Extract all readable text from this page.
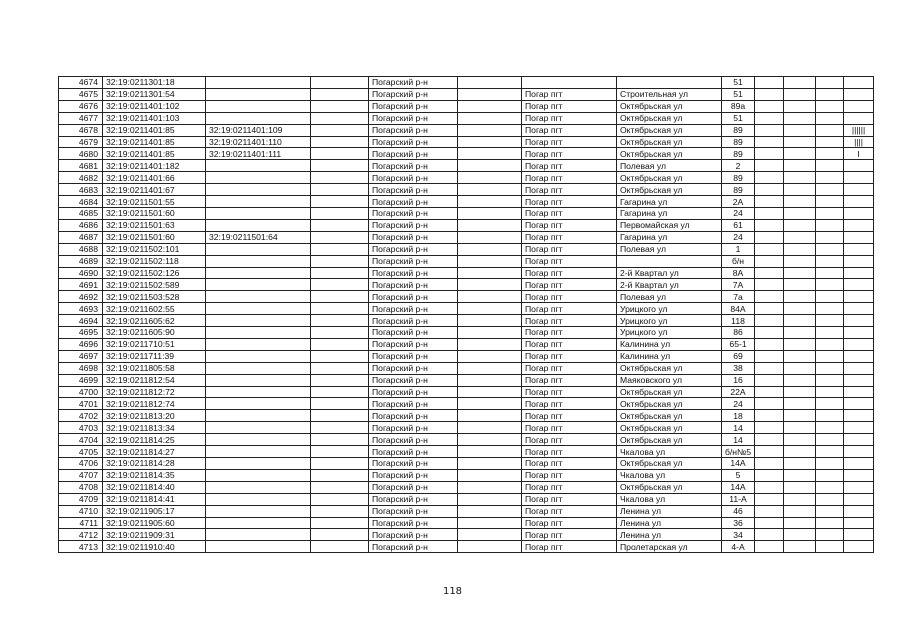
4674	32:19:0211301:18			Погарский р-н				51				
4675	32:19:0211301:54			Погарский р-н		Погар пгт	Строительная ул	51				
4676	32:19:0211401:102			Погарский р-н		Погар пгт	Октябрьская ул	89а				
4677	32:19:0211401:103			Погарский р-н		Погар пгт	Октябрьская ул	51				
4678	32:19:0211401:85	32:19:0211401:109		Погарский р-н		Погар пгт	Октябрьская ул	89				||||||
4679	32:19:0211401:85	32:19:0211401:110		Погарский р-н		Погар пгт	Октябрьская ул	89				||||
4680	32:19:0211401:85	32:19:0211401:111		Погарский р-н		Погар пгт	Октябрьская ул	89				I
4681	32:19:0211401:182			Погарский р-н		Погар пгт	Полевая ул	2				
4682	32:19:0211401:66			Погарский р-н		Погар пгт	Октябрьская ул	89				
4683	32:19:0211401:67			Погарский р-н		Погар пгт	Октябрьская ул	89				
4684	32:19:0211501:55			Погарский р-н		Погар пгт	Гагарина ул	2А				
4685	32:19:0211501:60			Погарский р-н		Погар пгт	Гагарина ул	24				
4686	32:19:0211501:63			Погарский р-н		Погар пгт	Первомайская ул	61				
4687	32:19:0211501:60	32:19:0211501:64		Погарский р-н		Погар пгт	Гагарина ул	24				
4688	32:19:0211502:101			Погарский р-н		Погар пгт	Полевая ул	1				
4689	32:19:0211502:118			Погарский р-н		Погар пгт		б/н				
4690	32:19:0211502:126			Погарский р-н		Погар пгт	2-й Квартал ул	8А				
4691	32:19:0211502:589			Погарский р-н		Погар пгт	2-й Квартал ул	7А				
4692	32:19:0211503:528			Погарский р-н		Погар пгт	Полевая ул	7а				
4693	32:19:0211602:55			Погарский р-н		Погар пгт	Урицкого ул	84А				
4694	32:19:0211605:62			Погарский р-н		Погар пгт	Урицкого ул	118				
4695	32:19:0211605:90			Погарский р-н		Погар пгт	Урицкого ул	86				
4696	32:19:0211710:51			Погарский р-н		Погар пгт	Калинина ул	65-1				
4697	32:19:0211711:39			Погарский р-н		Погар пгт	Калинина ул	69				
4698	32:19:0211805:58			Погарский р-н		Погар пгт	Октябрьская ул	38				
4699	32:19:0211812:54			Погарский р-н		Погар пгт	Маяковского ул	16				
4700	32:19:0211812:72			Погарский р-н		Погар пгт	Октябрьская ул	22А				
4701	32:19:0211812:74			Погарский р-н		Погар пгт	Октябрьская ул	24				
4702	32:19:0211813:20			Погарский р-н		Погар пгт	Октябрьская ул	18				
4703	32:19:0211813:34			Погарский р-н		Погар пгт	Октябрьская ул	14				
4704	32:19:0211814:25			Погарский р-н		Погар пгт	Октябрьская ул	14				
4705	32:19:0211814:27			Погарский р-н		Погар пгт	Чкалова ул	б/н№5				
4706	32:19:0211814:28			Погарский р-н		Погар пгт	Октябрьская ул	14А				
4707	32:19:0211814:35			Погарский р-н		Погар пгт	Чкалова ул	5				
4708	32:19:0211814:40			Погарский р-н		Погар пгт	Октябрьская ул	14А				
4709	32:19:0211814:41			Погарский р-н		Погар пгт	Чкалова ул	11-А				
4710	32:19:0211905:17			Погарский р-н		Погар пгт	Ленина ул	46				
4711	32:19:0211905:60			Погарский р-н		Погар пгт	Ленина ул	36				
4712	32:19:0211909:31			Погарский р-н		Погар пгт	Ленина ул	34				
4713	32:19:0211910:40			Погарский р-н		Погар пгт	Пролетарская ул	4-А				
118
